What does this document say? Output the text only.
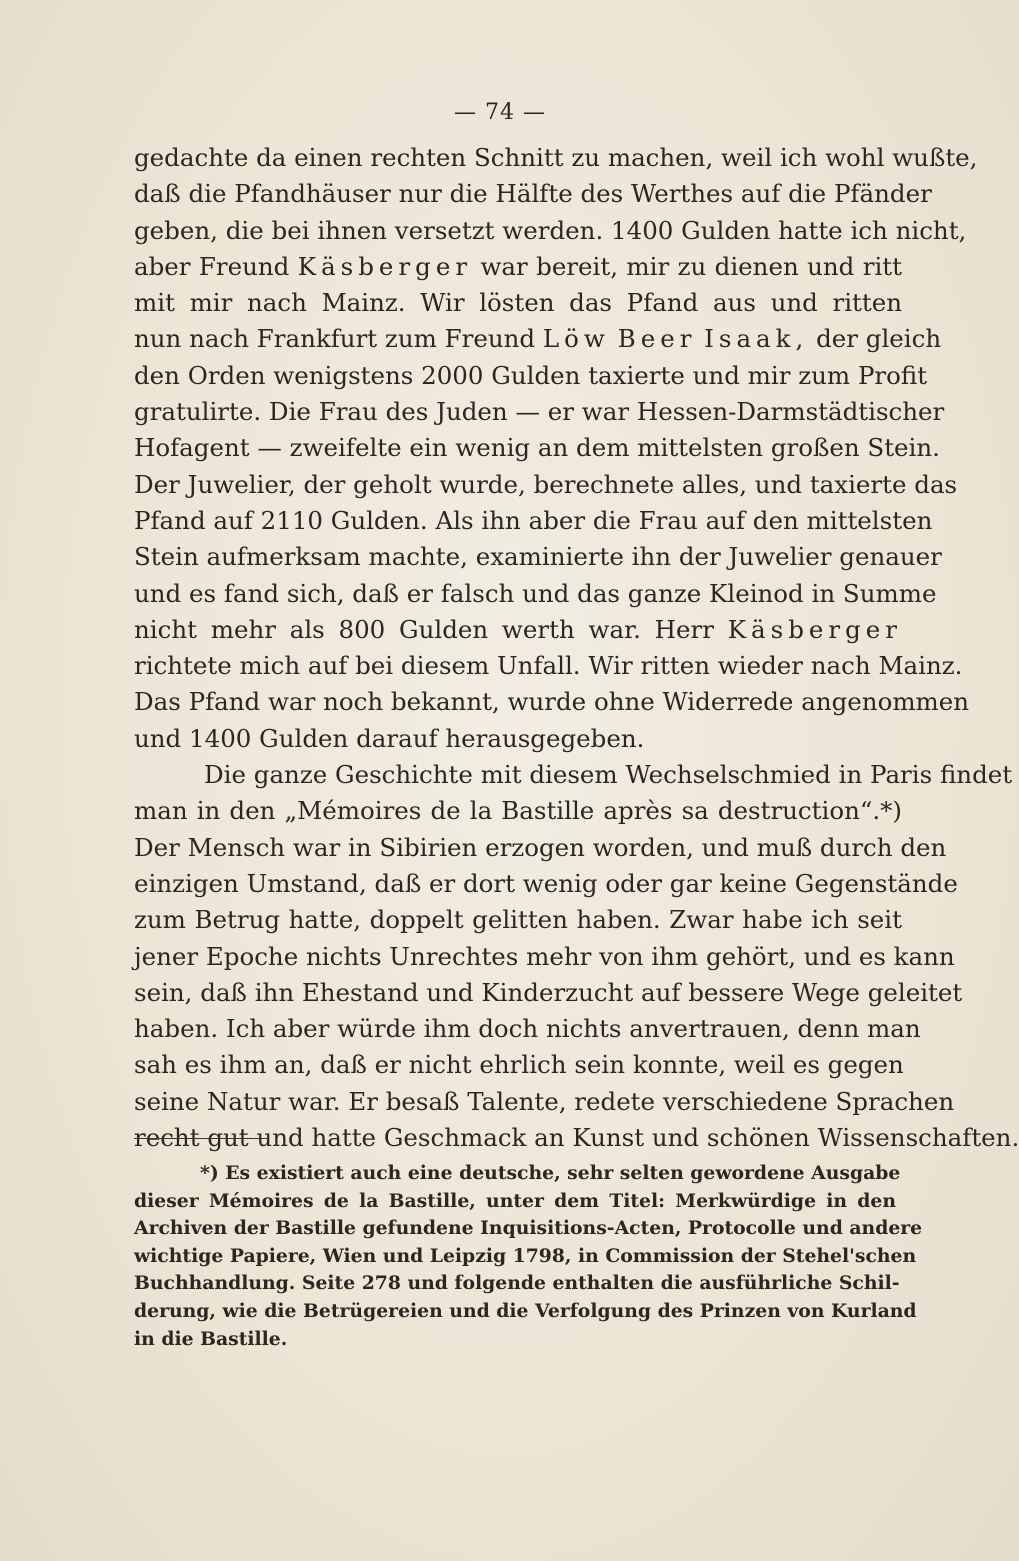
— 74 —
gedachte da einen rechten Schnitt zu machen, weil ich wohl wußte,
daß die Pfandhäuser nur die Hälfte des Werthes auf die Pfänder
geben, die bei ihnen versetzt werden. 1400 Gulden hatte ich nicht,
aber Freund Käsberger war bereit, mir zu dienen und ritt
mit mir nach Mainz. Wir lösten das Pfand aus und ritten
nun nach Frankfurt zum Freund Löw Beer Isaak, der gleich
den Orden wenigstens 2000 Gulden taxierte und mir zum Profit
gratulirte. Die Frau des Juden — er war Hessen-Darmstädtischer
Hofagent — zweifelte ein wenig an dem mittelsten großen Stein.
Der Juwelier, der geholt wurde, berechnete alles, und taxierte das
Pfand auf 2110 Gulden. Als ihn aber die Frau auf den mittelsten
Stein aufmerksam machte, examinierte ihn der Juwelier genauer
und es fand sich, daß er falsch und das ganze Kleinod in Summe
nicht mehr als 800 Gulden werth war. Herr Käsberger
richtete mich auf bei diesem Unfall. Wir ritten wieder nach Mainz.
Das Pfand war noch bekannt, wurde ohne Widerrede angenommen
und 1400 Gulden darauf herausgegeben.
Die ganze Geschichte mit diesem Wechselschmied in Paris findet
man in den „Mémoires de la Bastille après sa destruction“.*)
Der Mensch war in Sibirien erzogen worden, und muß durch den
einzigen Umstand, daß er dort wenig oder gar keine Gegenstände
zum Betrug hatte, doppelt gelitten haben. Zwar habe ich seit
jener Epoche nichts Unrechtes mehr von ihm gehört, und es kann
sein, daß ihn Ehestand und Kinderzucht auf bessere Wege geleitet
haben. Ich aber würde ihm doch nichts anvertrauen, denn man
sah es ihm an, daß er nicht ehrlich sein konnte, weil es gegen
seine Natur war. Er besaß Talente, redete verschiedene Sprachen
recht gut und hatte Geschmack an Kunst und schönen Wissenschaften.
*) Es existiert auch eine deutsche, sehr selten gewordene Ausgabe
dieser Mémoires de la Bastille, unter dem Titel: Merkwürdige in den
Archiven der Bastille gefundene Inquisitions-Acten, Protocolle und andere
wichtige Papiere, Wien und Leipzig 1798, in Commission der Stehel'schen
Buchhandlung. Seite 278 und folgende enthalten die ausführliche Schil-
derung, wie die Betrügereien und die Verfolgung des Prinzen von Kurland
in die Bastille.
